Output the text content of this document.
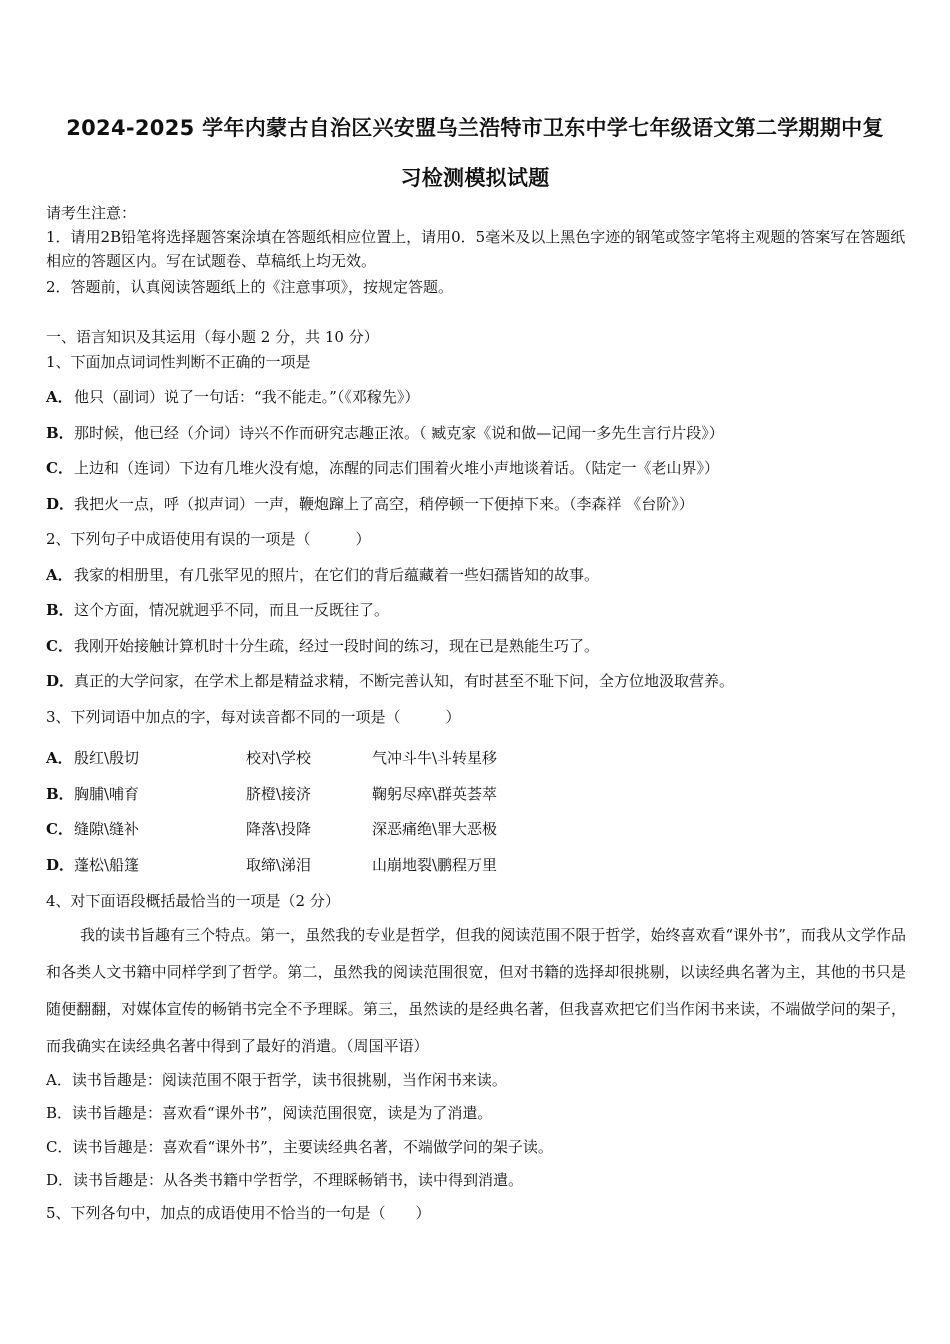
2024-2025 学年内蒙古自治区兴安盟乌兰浩特市卫东中学七年级语文第二学期期中复
习检测模拟试题
请考生注意：
1．请用2B铅笔将选择题答案涂填在答题纸相应位置上，请用0．5毫米及以上黑色字迹的钢笔或签字笔将主观题的答案写在答题纸相应的答题区内。写在试题卷、草稿纸上均无效。
2．答题前，认真阅读答题纸上的《注意事项》，按规定答题。
一、语言知识及其运用（每小题 2 分，共 10 分）
1、下面加点词词性判断不正确的一项是
A．他只（副词）说了一句话：“我不能走。”（《邓稼先》）
B．那时候，他已经（介词）诗兴不作而研究志趣正浓。（ 臧克家《说和做—记闻一多先生言行片段》）
C．上边和（连词）下边有几堆火没有熄，冻醒的同志们围着火堆小声地谈着话。（陆定一《老山界》）
D．我把火一点，呼（拟声词）一声，鞭炮蹿上了高空，稍停顿一下便掉下来。（李森祥 《台阶》）
2、下列句子中成语使用有误的一项是（　　　）
A．我家的相册里，有几张罕见的照片，在它们的背后蕴藏着一些妇孺皆知的故事。
B．这个方面，情况就迥乎不同，而且一反既往了。
C．我刚开始接触计算机时十分生疏，经过一段时间的练习，现在已是熟能生巧了。
D．真正的大学问家，在学术上都是精益求精，不断完善认知，有时甚至不耻下问，全方位地汲取营养。
3、下列词语中加点的字，每对读音都不同的一项是（　　　）
A．殷红\殷切	校对\学校	气冲斗牛\斗转星移
B．胸脯\哺育	脐橙\接济	鞠躬尽瘁\群英荟萃
C．缝隙\缝补	降落\投降	深恶痛绝\罪大恶极
D．蓬松\船篷	取缔\涕泪	山崩地裂\鹏程万里
4、对下面语段概括最恰当的一项是（2 分）
我的读书旨趣有三个特点。第一，虽然我的专业是哲学，但我的阅读范围不限于哲学，始终喜欢看“课外书”，而我从文学作品和各类人文书籍中同样学到了哲学。第二，虽然我的阅读范围很宽，但对书籍的选择却很挑剔，以读经典名著为主，其他的书只是随便翻翻，对媒体宣传的畅销书完全不予理睬。第三，虽然读的是经典名著，但我喜欢把它们当作闲书来读，不端做学问的架子，而我确实在读经典名著中得到了最好的消遣。（周国平语）
A．读书旨趣是：阅读范围不限于哲学，读书很挑剔，当作闲书来读。
B．读书旨趣是：喜欢看“课外书”，阅读范围很宽，读是为了消遣。
C．读书旨趣是：喜欢看“课外书”，主要读经典名著，不端做学问的架子读。
D．读书旨趣是：从各类书籍中学哲学，不理睬畅销书，读中得到消遣。
5、下列各句中，加点的成语使用不恰当的一句是（　　）
